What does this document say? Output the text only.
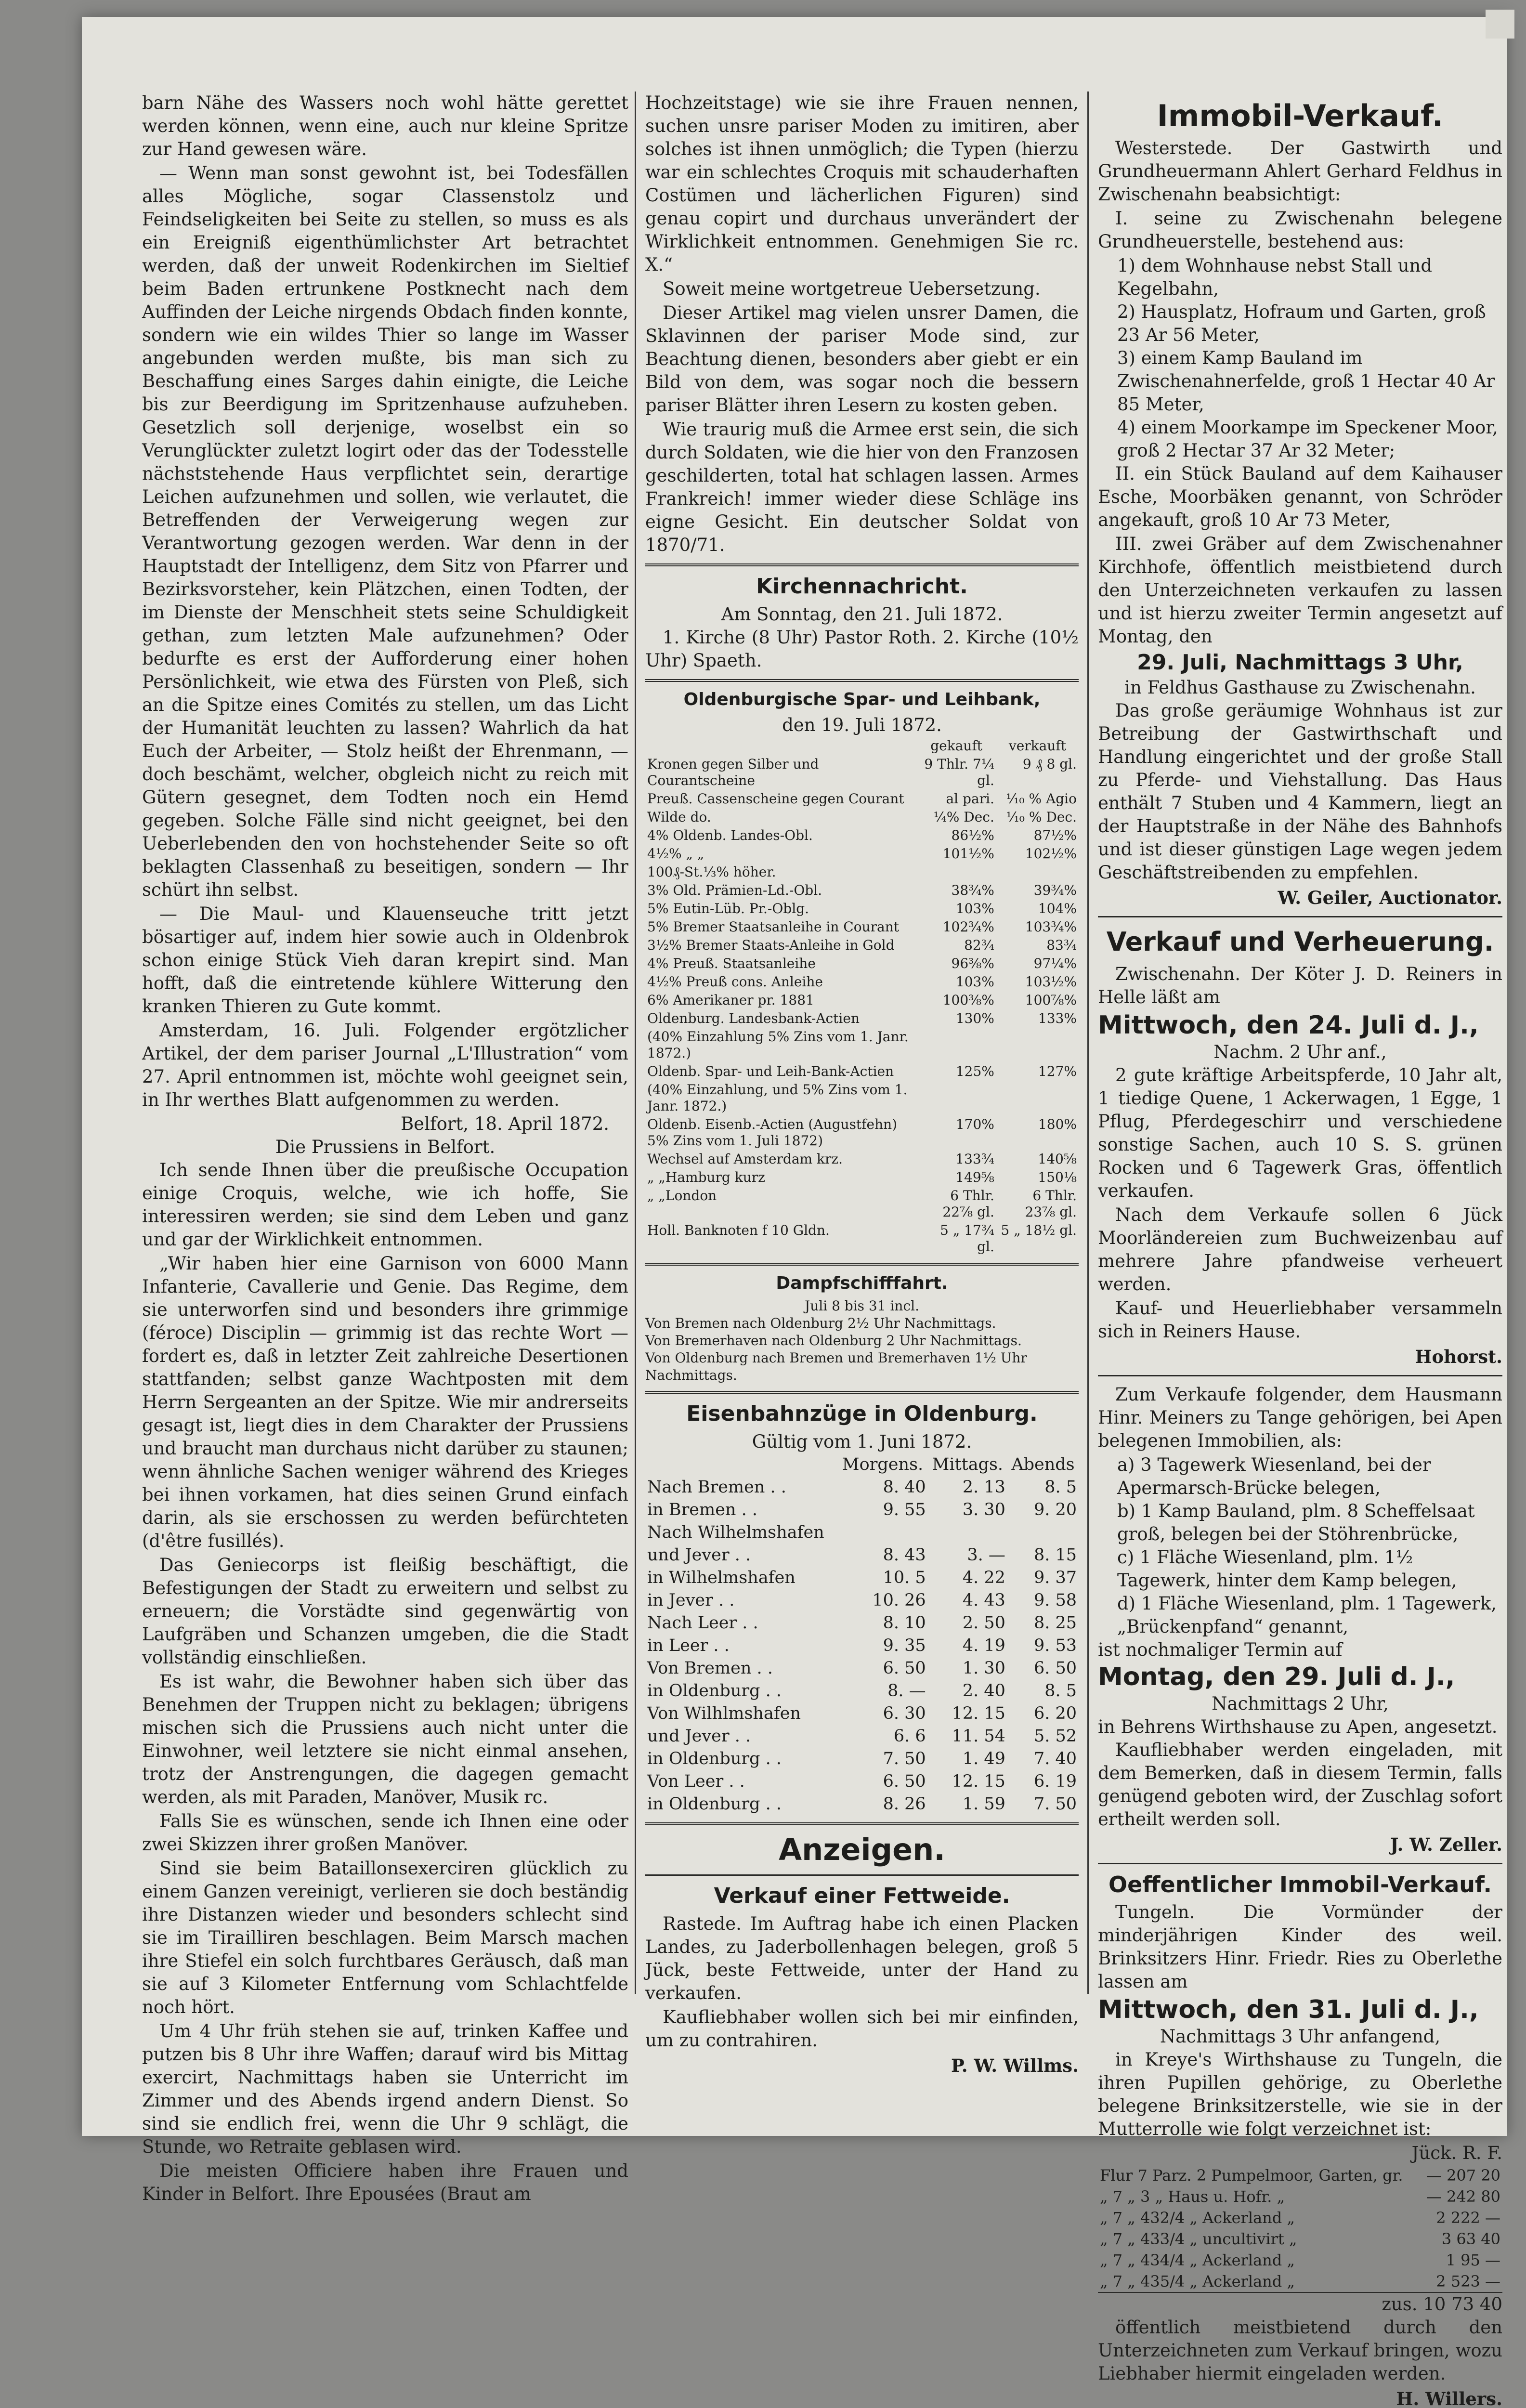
barn Nähe des Wassers noch wohl hätte gerettet werden können, wenn eine, auch nur kleine Spritze zur Hand gewesen wäre.

— Wenn man sonst gewohnt ist, bei Todesfällen alles Mögliche, sogar Classenstolz und Feindseligkeiten bei Seite zu stellen, so muss es als ein Ereigniß eigenthümlichster Art betrachtet werden, daß der unweit Rodenkirchen im Sieltief beim Baden ertrunkene Postknecht nach dem Auffinden der Leiche nirgends Obdach finden konnte, sondern wie ein wildes Thier so lange im Wasser angebunden werden mußte, bis man sich zu Beschaffung eines Sarges dahin einigte, die Leiche bis zur Beerdigung im Spritzenhause aufzuheben. Gesetzlich soll derjenige, woselbst ein so Verunglückter zuletzt logirt oder das der Todesstelle nächststehende Haus verpflichtet sein, derartige Leichen aufzunehmen und sollen, wie verlautet, die Betreffenden der Verweigerung wegen zur Verantwortung gezogen werden. War denn in der Hauptstadt der Intelligenz, dem Sitz von Pfarrer und Bezirksvorsteher, kein Plätzchen, einen Todten, der im Dienste der Menschheit stets seine Schuldigkeit gethan, zum letzten Male aufzunehmen? Oder bedurfte es erst der Aufforderung einer hohen Persönlichkeit, wie etwa des Fürsten von Pleß, sich an die Spitze eines Comités zu stellen, um das Licht der Humanität leuchten zu lassen? Wahrlich da hat Euch der Arbeiter, — Stolz heißt der Ehrenmann, — doch beschämt, welcher, obgleich nicht zu reich mit Gütern gesegnet, dem Todten noch ein Hemd gegeben. Solche Fälle sind nicht geeignet, bei den Ueberlebenden den von hochstehender Seite so oft beklagten Classenhaß zu beseitigen, sondern — Ihr schürt ihn selbst.

— Die Maul- und Klauenseuche tritt jetzt bösartiger auf, indem hier sowie auch in Oldenbrok schon einige Stück Vieh daran krepirt sind. Man hofft, daß die eintretende kühlere Witterung den kranken Thieren zu Gute kommt.

Amsterdam, 16. Juli. Folgender ergötzlicher Artikel, der dem pariser Journal „L'Illustration“ vom 27. April entnommen ist, möchte wohl geeignet sein, in Ihr werthes Blatt aufgenommen zu werden.

Belfort, 18. April 1872.
Die Prussiens in Belfort.

Ich sende Ihnen über die preußische Occupation einige Croquis, welche, wie ich hoffe, Sie interessiren werden; sie sind dem Leben und ganz und gar der Wirklichkeit entnommen.

„Wir haben hier eine Garnison von 6000 Mann Infanterie, Cavallerie und Genie. Das Regime, dem sie unterworfen sind und besonders ihre grimmige (féroce) Disciplin — grimmig ist das rechte Wort — fordert es, daß in letzter Zeit zahlreiche Desertionen stattfanden; selbst ganze Wachtposten mit dem Herrn Sergeanten an der Spitze. Wie mir andrerseits gesagt ist, liegt dies in dem Charakter der Prussiens und braucht man durchaus nicht darüber zu staunen; wenn ähnliche Sachen weniger während des Krieges bei ihnen vorkamen, hat dies seinen Grund einfach darin, als sie erschossen zu werden befürchteten (d'être fusillés).

Das Geniecorps ist fleißig beschäftigt, die Befestigungen der Stadt zu erweitern und selbst zu erneuern; die Vorstädte sind gegenwärtig von Laufgräben und Schanzen umgeben, die die Stadt vollständig einschließen.

Es ist wahr, die Bewohner haben sich über das Benehmen der Truppen nicht zu beklagen; übrigens mischen sich die Prussiens auch nicht unter die Einwohner, weil letztere sie nicht einmal ansehen, trotz der Anstrengungen, die dagegen gemacht werden, als mit Paraden, Manöver, Musik rc.

Falls Sie es wünschen, sende ich Ihnen eine oder zwei Skizzen ihrer großen Manöver.

Sind sie beim Bataillonsexerciren glücklich zu einem Ganzen vereinigt, verlieren sie doch beständig ihre Distanzen wieder und besonders schlecht sind sie im Tirailliren beschlagen. Beim Marsch machen ihre Stiefel ein solch furchtbares Geräusch, daß man sie auf 3 Kilometer Entfernung vom Schlachtfelde noch hört.

Um 4 Uhr früh stehen sie auf, trinken Kaffee und putzen bis 8 Uhr ihre Waffen; darauf wird bis Mittag exercirt, Nachmittags haben sie Unterricht im Zimmer und des Abends irgend andern Dienst. So sind sie endlich frei, wenn die Uhr 9 schlägt, die Stunde, wo Retraite geblasen wird.

Die meisten Officiere haben ihre Frauen und Kinder in Belfort. Ihre Epousées (Braut am

Hochzeitstage) wie sie ihre Frauen nennen, suchen unsre pariser Moden zu imitiren, aber solches ist ihnen unmöglich; die Typen (hierzu war ein schlechtes Croquis mit schauderhaften Costümen und lächerlichen Figuren) sind genau copirt und durchaus unverändert der Wirklichkeit entnommen. Genehmigen Sie rc. X.“

Soweit meine wortgetreue Uebersetzung.

Dieser Artikel mag vielen unsrer Damen, die Sklavinnen der pariser Mode sind, zur Beachtung dienen, besonders aber giebt er ein Bild von dem, was sogar noch die bessern pariser Blätter ihren Lesern zu kosten geben.

Wie traurig muß die Armee erst sein, die sich durch Soldaten, wie die hier von den Franzosen geschilderten, total hat schlagen lassen. Armes Frankreich! immer wieder diese Schläge ins eigne Gesicht. Ein deutscher Soldat von 1870/71.

Kirchennachricht.
Am Sonntag, den 21. Juli 1872.

1. Kirche (8 Uhr) Pastor Roth. 2. Kirche (10½ Uhr) Spaeth.

Oldenburgische Spar- und Leihbank,
den 19. Juli 1872.
	gekauft	verkauft
Kronen gegen Silber und Courantscheine	9 Thlr. 7¼ gl.	9 ₰ 8 gl.
Preuß. Cassenscheine gegen Courant	al pari.	¹⁄₁₀ % Agio
Wilde do.	¼% Dec.	¹⁄₁₀ % Dec.
4% Oldenb. Landes-Obl.	86½%	87½%
4½% „ „	101½%	102½%
100₰-St.⅓% höher.		
3% Old. Prämien-Ld.-Obl.	38¾%	39¾%
5% Eutin-Lüb. Pr.-Oblg.	103%	104%
5% Bremer Staatsanleihe in Courant	102¾%	103¾%
3½% Bremer Staats-Anleihe in Gold	82¾	83¾
4% Preuß. Staatsanleihe	96⅜%	97¼%
4½% Preuß cons. Anleihe	103%	103½%
6% Amerikaner pr. 1881	100⅜%	100⅞%
Oldenburg. Landesbank-Actien	130%	133%
(40% Einzahlung 5% Zins vom 1. Janr. 1872.)		
Oldenb. Spar- und Leih-Bank-Actien	125%	127%
(40% Einzahlung, und 5% Zins vom 1. Janr. 1872.)		
Oldenb. Eisenb.-Actien (Augustfehn) 5% Zins vom 1. Juli 1872)	170%	180%
Wechsel auf Amsterdam krz.	133¾	140⅝
„ „Hamburg kurz	149⅝	150⅛
„ „London	6 Thlr. 22⅞ gl.	6 Thlr. 23⅞ gl.
Holl. Banknoten f 10 Gldn.	5 „ 17¾ gl.	5 „ 18½ gl.
Dampfschifffahrt.
Juli 8 bis 31 incl.
Von Bremen nach Oldenburg 2½ Uhr Nachmittags.
Von Bremerhaven nach Oldenburg 2 Uhr Nachmittags.
Von Oldenburg nach Bremen und Bremerhaven 1½ Uhr Nachmittags.
Eisenbahnzüge in Oldenburg.
Gültig vom 1. Juni 1872.
	Morgens.	Mittags.	Abends
Nach Bremen . .	8. 40	2. 13	8. 5
in Bremen . .	9. 55	3. 30	9. 20
Nach Wilhelmshafen			
und Jever . .	8. 43	3. —	8. 15
in Wilhelmshafen	10. 5	4. 22	9. 37
in Jever . .	10. 26	4. 43	9. 58
Nach Leer . .	8. 10	2. 50	8. 25
in Leer . .	9. 35	4. 19	9. 53
Von Bremen . .	6. 50	1. 30	6. 50
in Oldenburg . .	8. —	2. 40	8. 5
Von Wilhlmshafen	6. 30	12. 15	6. 20
und Jever . .	6. 6	11. 54	5. 52
in Oldenburg . .	7. 50	1. 49	7. 40
Von Leer . .	6. 50	12. 15	6. 19
in Oldenburg . .	8. 26	1. 59	7. 50
Anzeigen.
Verkauf einer Fettweide.

Rastede. Im Auftrag habe ich einen Placken Landes, zu Jaderbollenhagen belegen, groß 5 Jück, beste Fettweide, unter der Hand zu verkaufen.

Kaufliebhaber wollen sich bei mir einfinden, um zu contrahiren.

P. W. Willms.
Immobil-Verkauf.

Westerstede. Der Gastwirth und Grundheuermann Ahlert Gerhard Feldhus in Zwischenahn beabsichtigt:

I. seine zu Zwischenahn belegene Grundheuerstelle, bestehend aus:

1) dem Wohnhause nebst Stall und Kegelbahn,
2) Hausplatz, Hofraum und Garten, groß 23 Ar 56 Meter,
3) einem Kamp Bauland im Zwischenahnerfelde, groß 1 Hectar 40 Ar 85 Meter,
4) einem Moorkampe im Speckener Moor, groß 2 Hectar 37 Ar 32 Meter;

II. ein Stück Bauland auf dem Kaihauser Esche, Moorbäken genannt, von Schröder angekauft, groß 10 Ar 73 Meter,

III. zwei Gräber auf dem Zwischenahner Kirchhofe, öffentlich meistbietend durch den Unterzeichneten verkaufen zu lassen und ist hierzu zweiter Termin angesetzt auf Montag, den

29. Juli, Nachmittags 3 Uhr,
in Feldhus Gasthause zu Zwischenahn.

Das große geräumige Wohnhaus ist zur Betreibung der Gastwirthschaft und Handlung eingerichtet und der große Stall zu Pferde- und Viehstallung. Das Haus enthält 7 Stuben und 4 Kammern, liegt an der Hauptstraße in der Nähe des Bahnhofs und ist dieser günstigen Lage wegen jedem Geschäftstreibenden zu empfehlen.

W. Geiler, Auctionator.
Verkauf und Verheuerung.

Zwischenahn. Der Köter J. D. Reiners in Helle läßt am

Mittwoch, den 24. Juli d. J.,
Nachm. 2 Uhr anf.,

2 gute kräftige Arbeitspferde, 10 Jahr alt, 1 tiedige Quene, 1 Ackerwagen, 1 Egge, 1 Pflug, Pferdegeschirr und verschiedene sonstige Sachen, auch 10 S. S. grünen Rocken und 6 Tagewerk Gras, öffentlich verkaufen.

Nach dem Verkaufe sollen 6 Jück Moorländereien zum Buchweizenbau auf mehrere Jahre pfandweise verheuert werden.

Kauf- und Heuerliebhaber versammeln sich in Reiners Hause.

Hohorst.

Zum Verkaufe folgender, dem Hausmann Hinr. Meiners zu Tange gehörigen, bei Apen belegenen Immobilien, als:

a) 3 Tagewerk Wiesenland, bei der Apermarsch-Brücke belegen,
b) 1 Kamp Bauland, plm. 8 Scheffelsaat groß, belegen bei der Stöhrenbrücke,
c) 1 Fläche Wiesenland, plm. 1½ Tagewerk, hinter dem Kamp belegen,
d) 1 Fläche Wiesenland, plm. 1 Tagewerk, „Brückenpfand“ genannt,
ist nochmaliger Termin auf
Montag, den 29. Juli d. J.,
Nachmittags 2 Uhr,
in Behrens Wirthshause zu Apen, angesetzt.

Kaufliebhaber werden eingeladen, mit dem Bemerken, daß in diesem Termin, falls genügend geboten wird, der Zuschlag sofort ertheilt werden soll.

J. W. Zeller.
Oeffentlicher Immobil-Verkauf.

Tungeln. Die Vormünder der minderjährigen Kinder des weil. Brinksitzers Hinr. Friedr. Ries zu Oberlethe lassen am

Mittwoch, den 31. Juli d. J.,
Nachmittags 3 Uhr anfangend,

in Kreye's Wirthshause zu Tungeln, die ihren Pupillen gehörige, zu Oberlethe belegene Brinksitzerstelle, wie sie in der Mutterrolle wie folgt verzeichnet ist:

Jück. R. F.
Flur 7 Parz. 2 Pumpelmoor, Garten, gr.	— 207 20
„ 7 „ 3 „ Haus u. Hofr. „	— 242 80
„ 7 „ 432/4 „ Ackerland „	2 222 —
„ 7 „ 433/4 „ uncultivirt „	3 63 40
„ 7 „ 434/4 „ Ackerland „	1 95 —
„ 7 „ 435/4 „ Ackerland „	2 523 —
zus. 10 73 40

öffentlich meistbietend durch den Unterzeichneten zum Verkauf bringen, wozu Liebhaber hiermit eingeladen werden.

H. Willers.
